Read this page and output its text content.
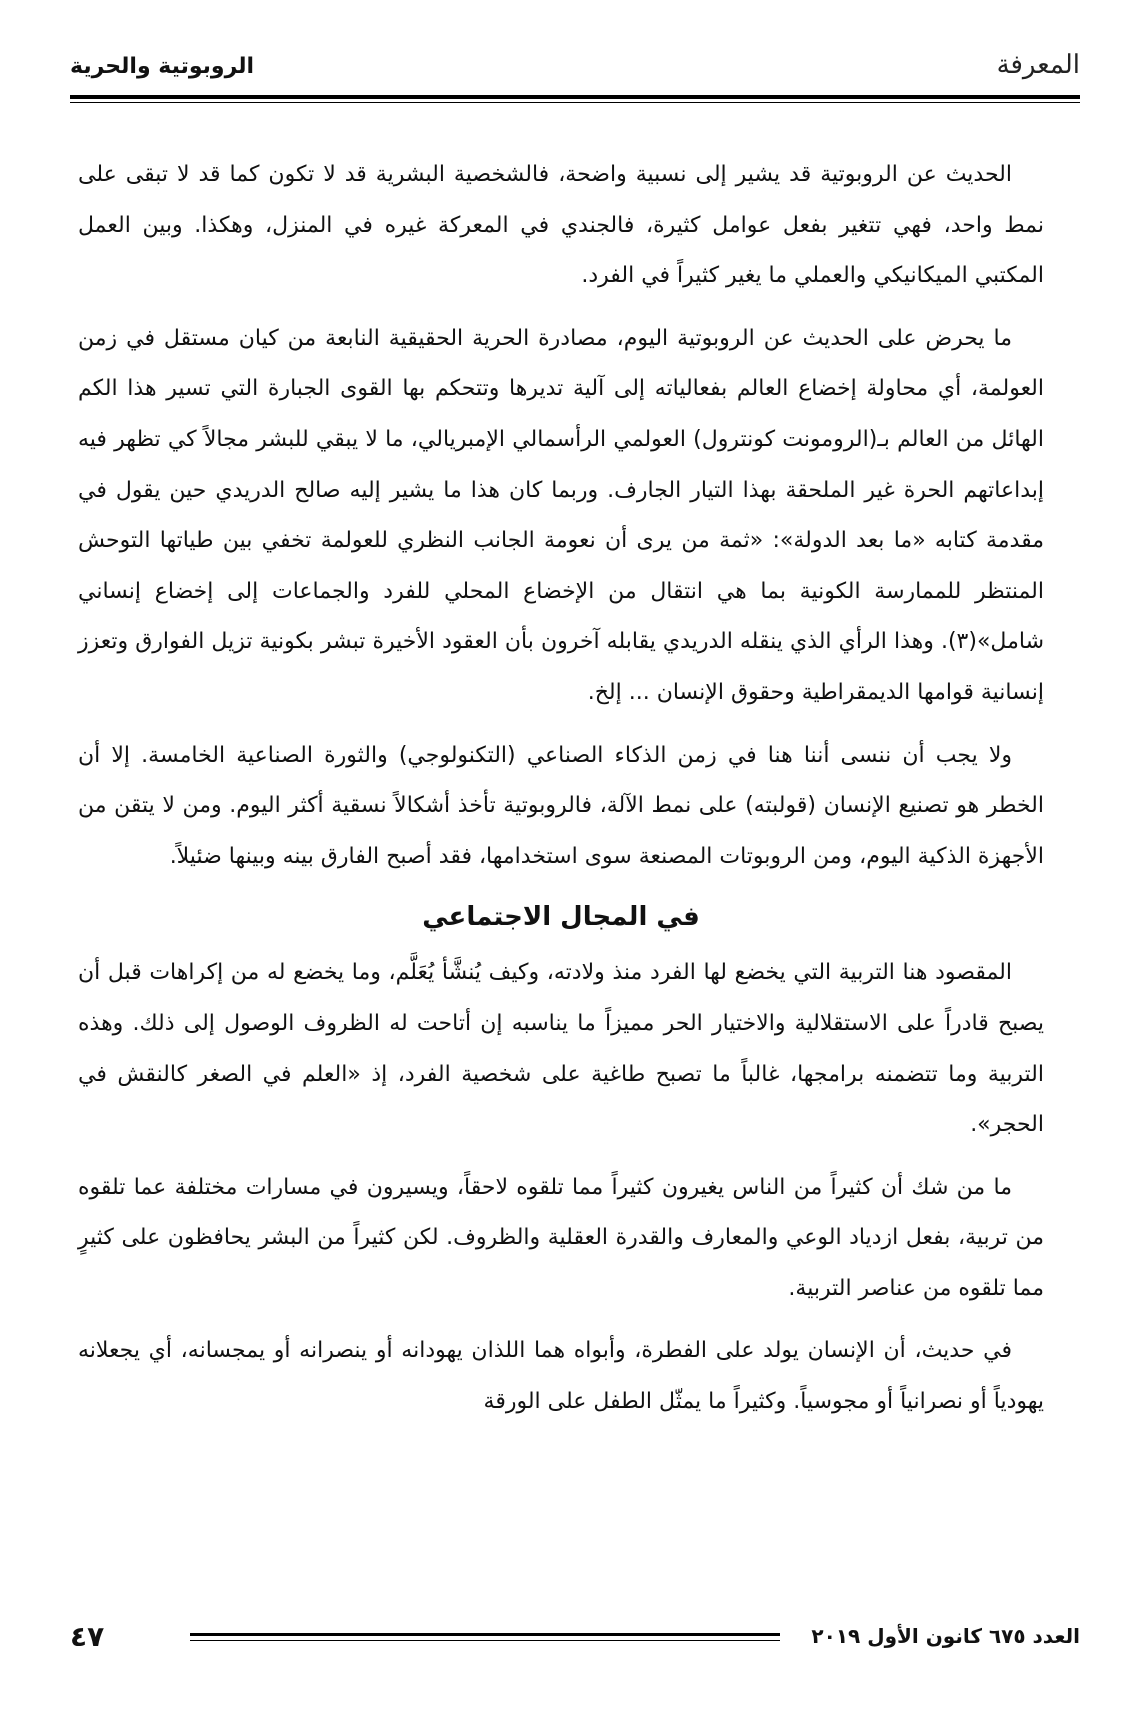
المعرفة
الروبوتية والحرية

الحديث عن الروبوتية قد يشير إلى نسبية واضحة، فالشخصية البشرية قد لا تكون كما قد لا تبقى على نمط واحد، فهي تتغير بفعل عوامل كثيرة، فالجندي في المعركة غيره في المنزل، وهكذا. وبين العمل المكتبي الميكانيكي والعملي ما يغير كثيراً في الفرد.

ما يحرض على الحديث عن الروبوتية اليوم، مصادرة الحرية الحقيقية النابعة من كيان مستقل في زمن العولمة، أي محاولة إخضاع العالم بفعالياته إلى آلية تديرها وتتحكم بها القوى الجبارة التي تسير هذا الكم الهائل من العالم بـ(الرومونت كونترول) العولمي الرأسمالي الإمبريالي، ما لا يبقي للبشر مجالاً كي تظهر فيه إبداعاتهم الحرة غير الملحقة بهذا التيار الجارف. وربما كان هذا ما يشير إليه صالح الدريدي حين يقول في مقدمة كتابه «ما بعد الدولة»: «ثمة من يرى أن نعومة الجانب النظري للعولمة تخفي بين طياتها التوحش المنتظر للممارسة الكونية بما هي انتقال من الإخضاع المحلي للفرد والجماعات إلى إخضاع إنساني شامل»(٣). وهذا الرأي الذي ينقله الدريدي يقابله آخرون بأن العقود الأخيرة تبشر بكونية تزيل الفوارق وتعزز إنسانية قوامها الديمقراطية وحقوق الإنسان ... إلخ.

ولا يجب أن ننسى أننا هنا في زمن الذكاء الصناعي (التكنولوجي) والثورة الصناعية الخامسة. إلا أن الخطر هو تصنيع الإنسان (قولبته) على نمط الآلة، فالروبوتية تأخذ أشكالاً نسقية أكثر اليوم. ومن لا يتقن من الأجهزة الذكية اليوم، ومن الروبوتات المصنعة سوى استخدامها، فقد أصبح الفارق بينه وبينها ضئيلاً.

في المجال الاجتماعي

المقصود هنا التربية التي يخضع لها الفرد منذ ولادته، وكيف يُنشَّأ يُعَلَّم، وما يخضع له من إكراهات قبل أن يصبح قادراً على الاستقلالية والاختيار الحر مميزاً ما يناسبه إن أتاحت له الظروف الوصول إلى ذلك. وهذه التربية وما تتضمنه برامجها، غالباً ما تصبح طاغية على شخصية الفرد، إذ «العلم في الصغر كالنقش في الحجر».

ما من شك أن كثيراً من الناس يغيرون كثيراً مما تلقوه لاحقاً، ويسيرون في مسارات مختلفة عما تلقوه من تربية، بفعل ازدياد الوعي والمعارف والقدرة العقلية والظروف. لكن كثيراً من البشر يحافظون على كثيرٍ مما تلقوه من عناصر التربية.

في حديث، أن الإنسان يولد على الفطرة، وأبواه هما اللذان يهودانه أو ينصرانه أو يمجسانه، أي يجعلانه يهودياً أو نصرانياً أو مجوسياً. وكثيراً ما يمثّل الطفل على الورقة

العدد ٦٧٥ كانون الأول ٢٠١٩
٤٧
